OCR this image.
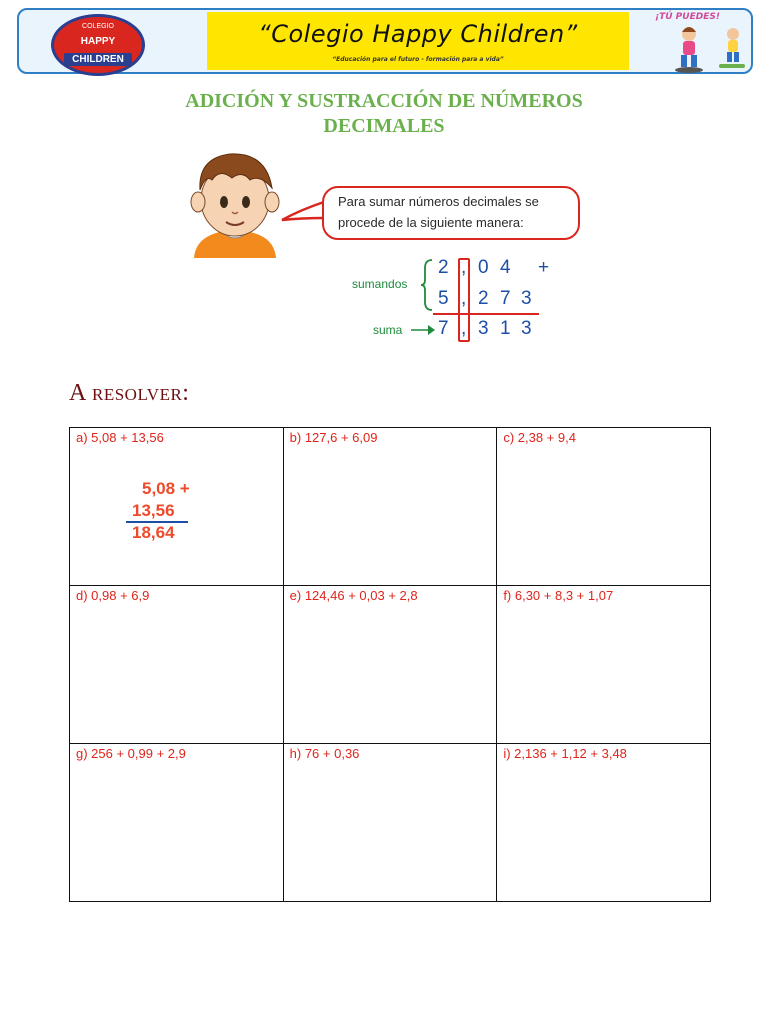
COLEGIO
HAPPY
CHILDREN
“Colegio Happy Children”
“Educación para el futuro - formación para a vida”
¡TÚ PUEDES!
ADICIÓN Y SUSTRACCIÓN DE NÚMEROS
DECIMALES
Para sumar números decimales se
procede de la siguiente manera:
sumandos
suma
2 , 0 4 +
5 , 2 7 3
7 , 3 1 3
A resolver:
a) 5,08 + 13,56
5,08 +
13,56
18,64	b) 127,6 + 6,09	c) 2,38 + 9,4

d) 0,98 + 6,9	e) 124,46 + 0,03 + 2,8	f) 6,30 + 8,3 + 1,07

g) 256 + 0,99 + 2,9	h) 76 + 0,36	i) 2,136 + 1,12 + 3,48
